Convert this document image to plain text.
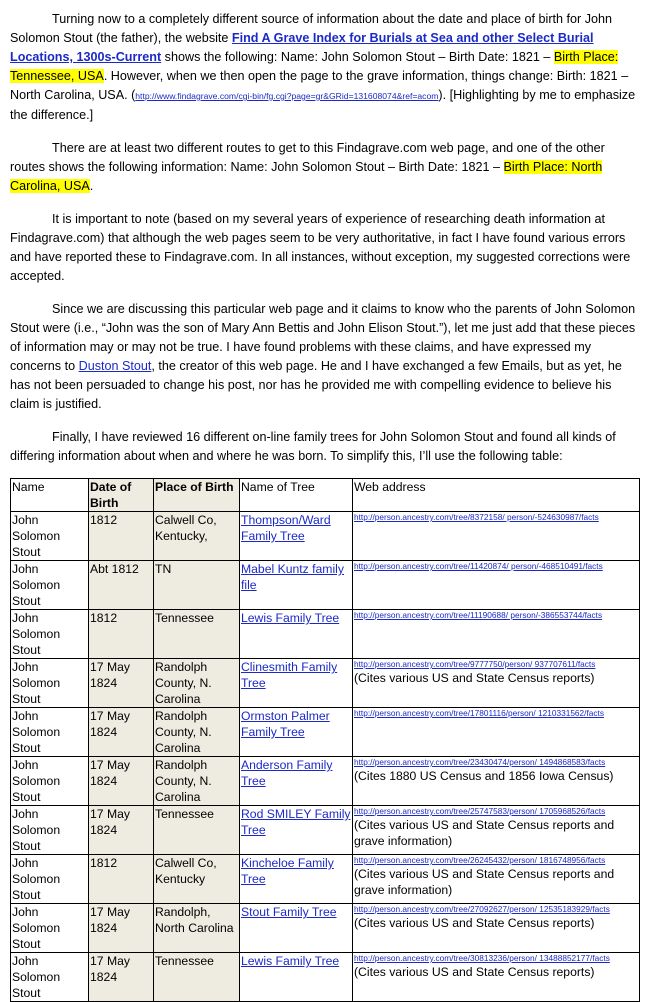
Turning now to a completely different source of information about the date and place of birth for John Solomon Stout (the father), the website Find A Grave Index for Burials at Sea and other Select Burial Locations, 1300s-Current shows the following: Name: John Solomon Stout – Birth Date: 1821 – Birth Place: Tennessee, USA. However, when we then open the page to the grave information, things change: Birth: 1821 – North Carolina, USA. (http://www.findagrave.com/cgi-bin/fg.cgi?page=gr&GRid=131608074&ref=acom). [Highlighting by me to emphasize the difference.]

There are at least two different routes to get to this Findagrave.com web page, and one of the other routes shows the following information: Name: John Solomon Stout – Birth Date: 1821 – Birth Place: North Carolina, USA.

It is important to note (based on my several years of experience of researching death information at Findagrave.com) that although the web pages seem to be very authoritative, in fact I have found various errors and have reported these to Findagrave.com. In all instances, without exception, my suggested corrections were accepted.

Since we are discussing this particular web page and it claims to know who the parents of John Solomon Stout were (i.e., “John was the son of Mary Ann Bettis and John Elison Stout.”), let me just add that these pieces of information may or may not be true. I have found problems with these claims, and have expressed my concerns to Duston Stout, the creator of this web page. He and I have exchanged a few Emails, but as yet, he has not been persuaded to change his post, nor has he provided me with compelling evidence to believe his claim is justified.

Finally, I have reviewed 16 different on-line family trees for John Solomon Stout and found all kinds of differing information about when and where he was born. To simplify this, I’ll use the following table:

Name	Date of Birth	Place of Birth	Name of Tree	Web address
John Solomon Stout	1812	Calwell Co, Kentucky,	Thompson/Ward Family Tree	http://person.ancestry.com/tree/8372158/ person/-524630987/facts

John Solomon Stout	Abt 1812	TN	Mabel Kuntz family file	http://person.ancestry.com/tree/11420874/ person/-468510491/facts

John Solomon Stout	1812	Tennessee	Lewis Family Tree	http://person.ancestry.com/tree/11190688/ person/-386553744/facts

John Solomon Stout	17 May 1824	Randolph County, N. Carolina	Clinesmith Family Tree	http://person.ancestry.com/tree/9777750/person/ 937707611/facts
(Cites various US and State Census reports)

John Solomon Stout	17 May 1824	Randolph County, N. Carolina	Ormston Palmer Family Tree	http://person.ancestry.com/tree/17801116/person/ 1210331562/facts

John Solomon Stout	17 May 1824	Randolph County, N. Carolina	Anderson Family Tree	http://person.ancestry.com/tree/23430474/person/ 1494868583/facts
(Cites 1880 US Census and 1856 Iowa Census)

John Solomon Stout	17 May 1824	Tennessee	Rod SMILEY Family Tree	http://person.ancestry.com/tree/25747583/person/ 1705968526/facts
(Cites various US and State Census reports and grave information)

John Solomon Stout	1812	Calwell Co, Kentucky	Kincheloe Family Tree	http://person.ancestry.com/tree/26245432/person/ 1816748956/facts
(Cites various US and State Census reports and grave information)

John Solomon Stout	17 May 1824	Randolph, North Carolina	Stout Family Tree	http://person.ancestry.com/tree/27092627/person/ 12535183929/facts
(Cites various US and State Census reports)

John Solomon Stout	17 May 1824	Tennessee	Lewis Family Tree	http://person.ancestry.com/tree/30813236/person/ 13488852177/facts
(Cites various US and State Census reports)
